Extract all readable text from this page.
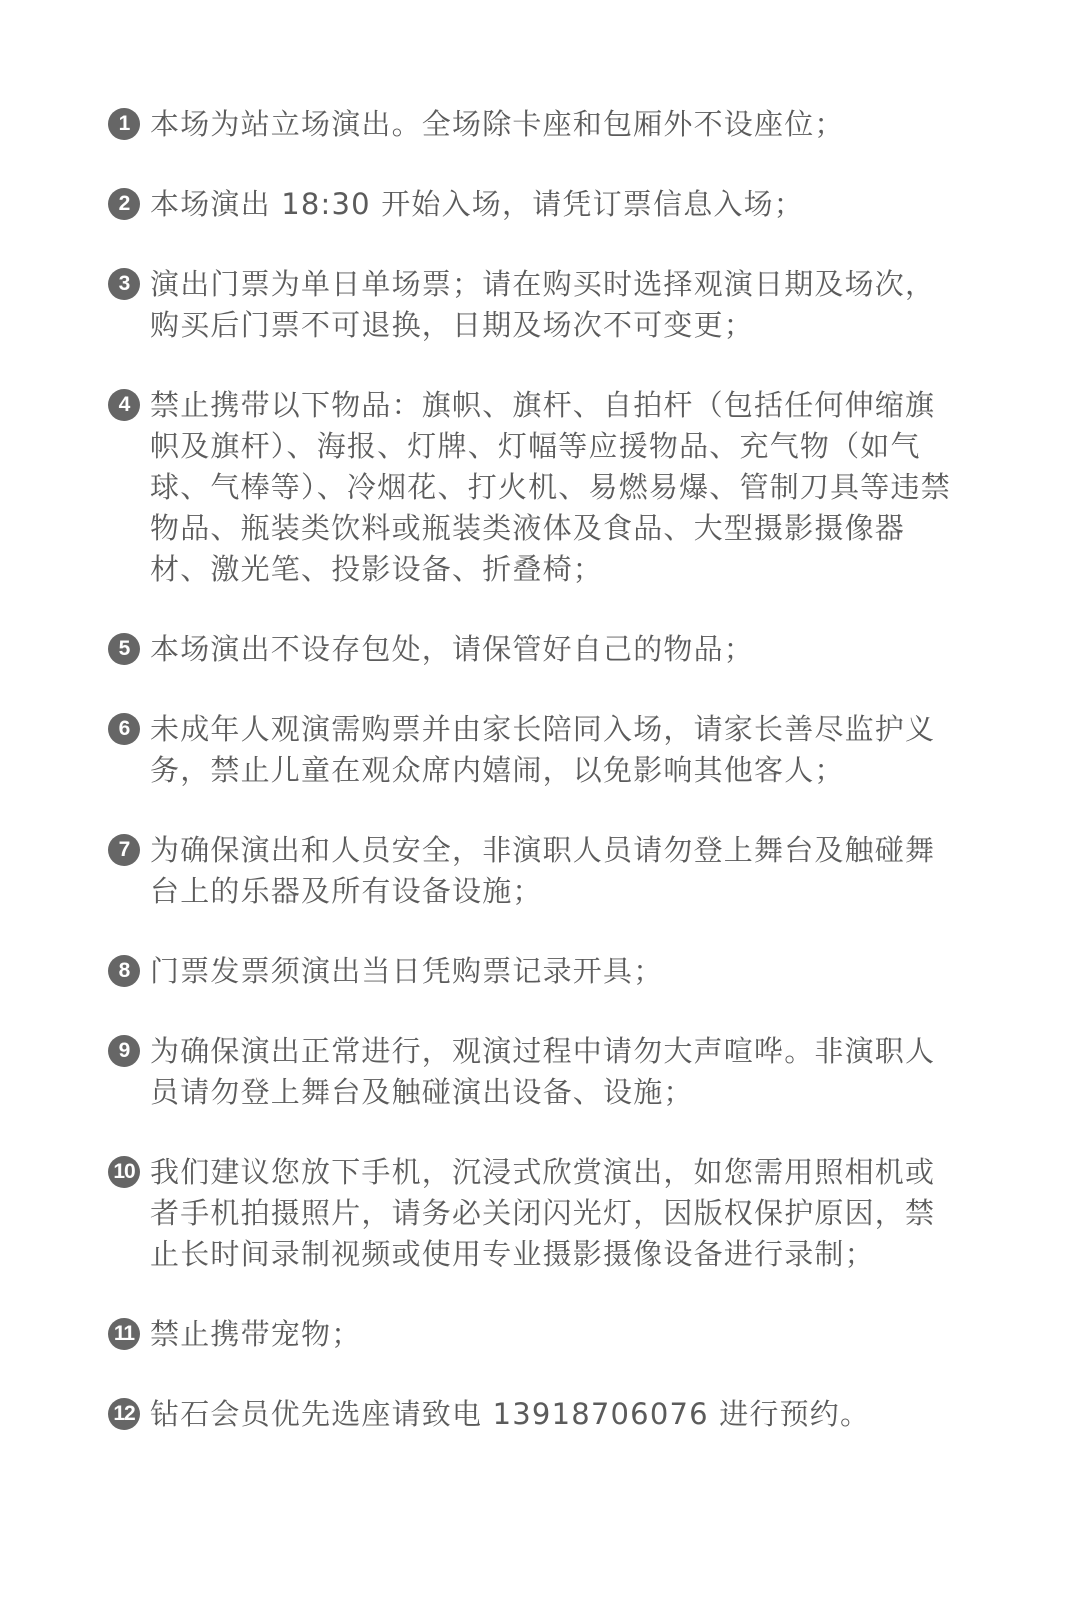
1 本场为站立场演出。全场除卡座和包厢外不设座位；
2 本场演出 18:30 开始入场，请凭订票信息入场；
3 演出门票为单日单场票；请在购买时选择观演日期及场次，购买后门票不可退换，日期及场次不可变更；
4 禁止携带以下物品：旗帜、旗杆、自拍杆（包括任何伸缩旗帜及旗杆）、海报、灯牌、灯幅等应援物品、充气物（如气球、气棒等）、冷烟花、打火机、易燃易爆、管制刀具等违禁物品、瓶装类饮料或瓶装类液体及食品、大型摄影摄像器材、激光笔、投影设备、折叠椅；
5 本场演出不设存包处，请保管好自己的物品；
6 未成年人观演需购票并由家长陪同入场，请家长善尽监护义务，禁止儿童在观众席内嬉闹，以免影响其他客人；
7 为确保演出和人员安全，非演职人员请勿登上舞台及触碰舞台上的乐器及所有设备设施；
8 门票发票须演出当日凭购票记录开具；
9 为确保演出正常进行，观演过程中请勿大声喧哗。非演职人员请勿登上舞台及触碰演出设备、设施；
10 我们建议您放下手机，沉浸式欣赏演出，如您需用照相机或者手机拍摄照片，请务必关闭闪光灯，因版权保护原因，禁止长时间录制视频或使用专业摄影摄像设备进行录制；
11 禁止携带宠物；
12 钻石会员优先选座请致电 13918706076 进行预约。
